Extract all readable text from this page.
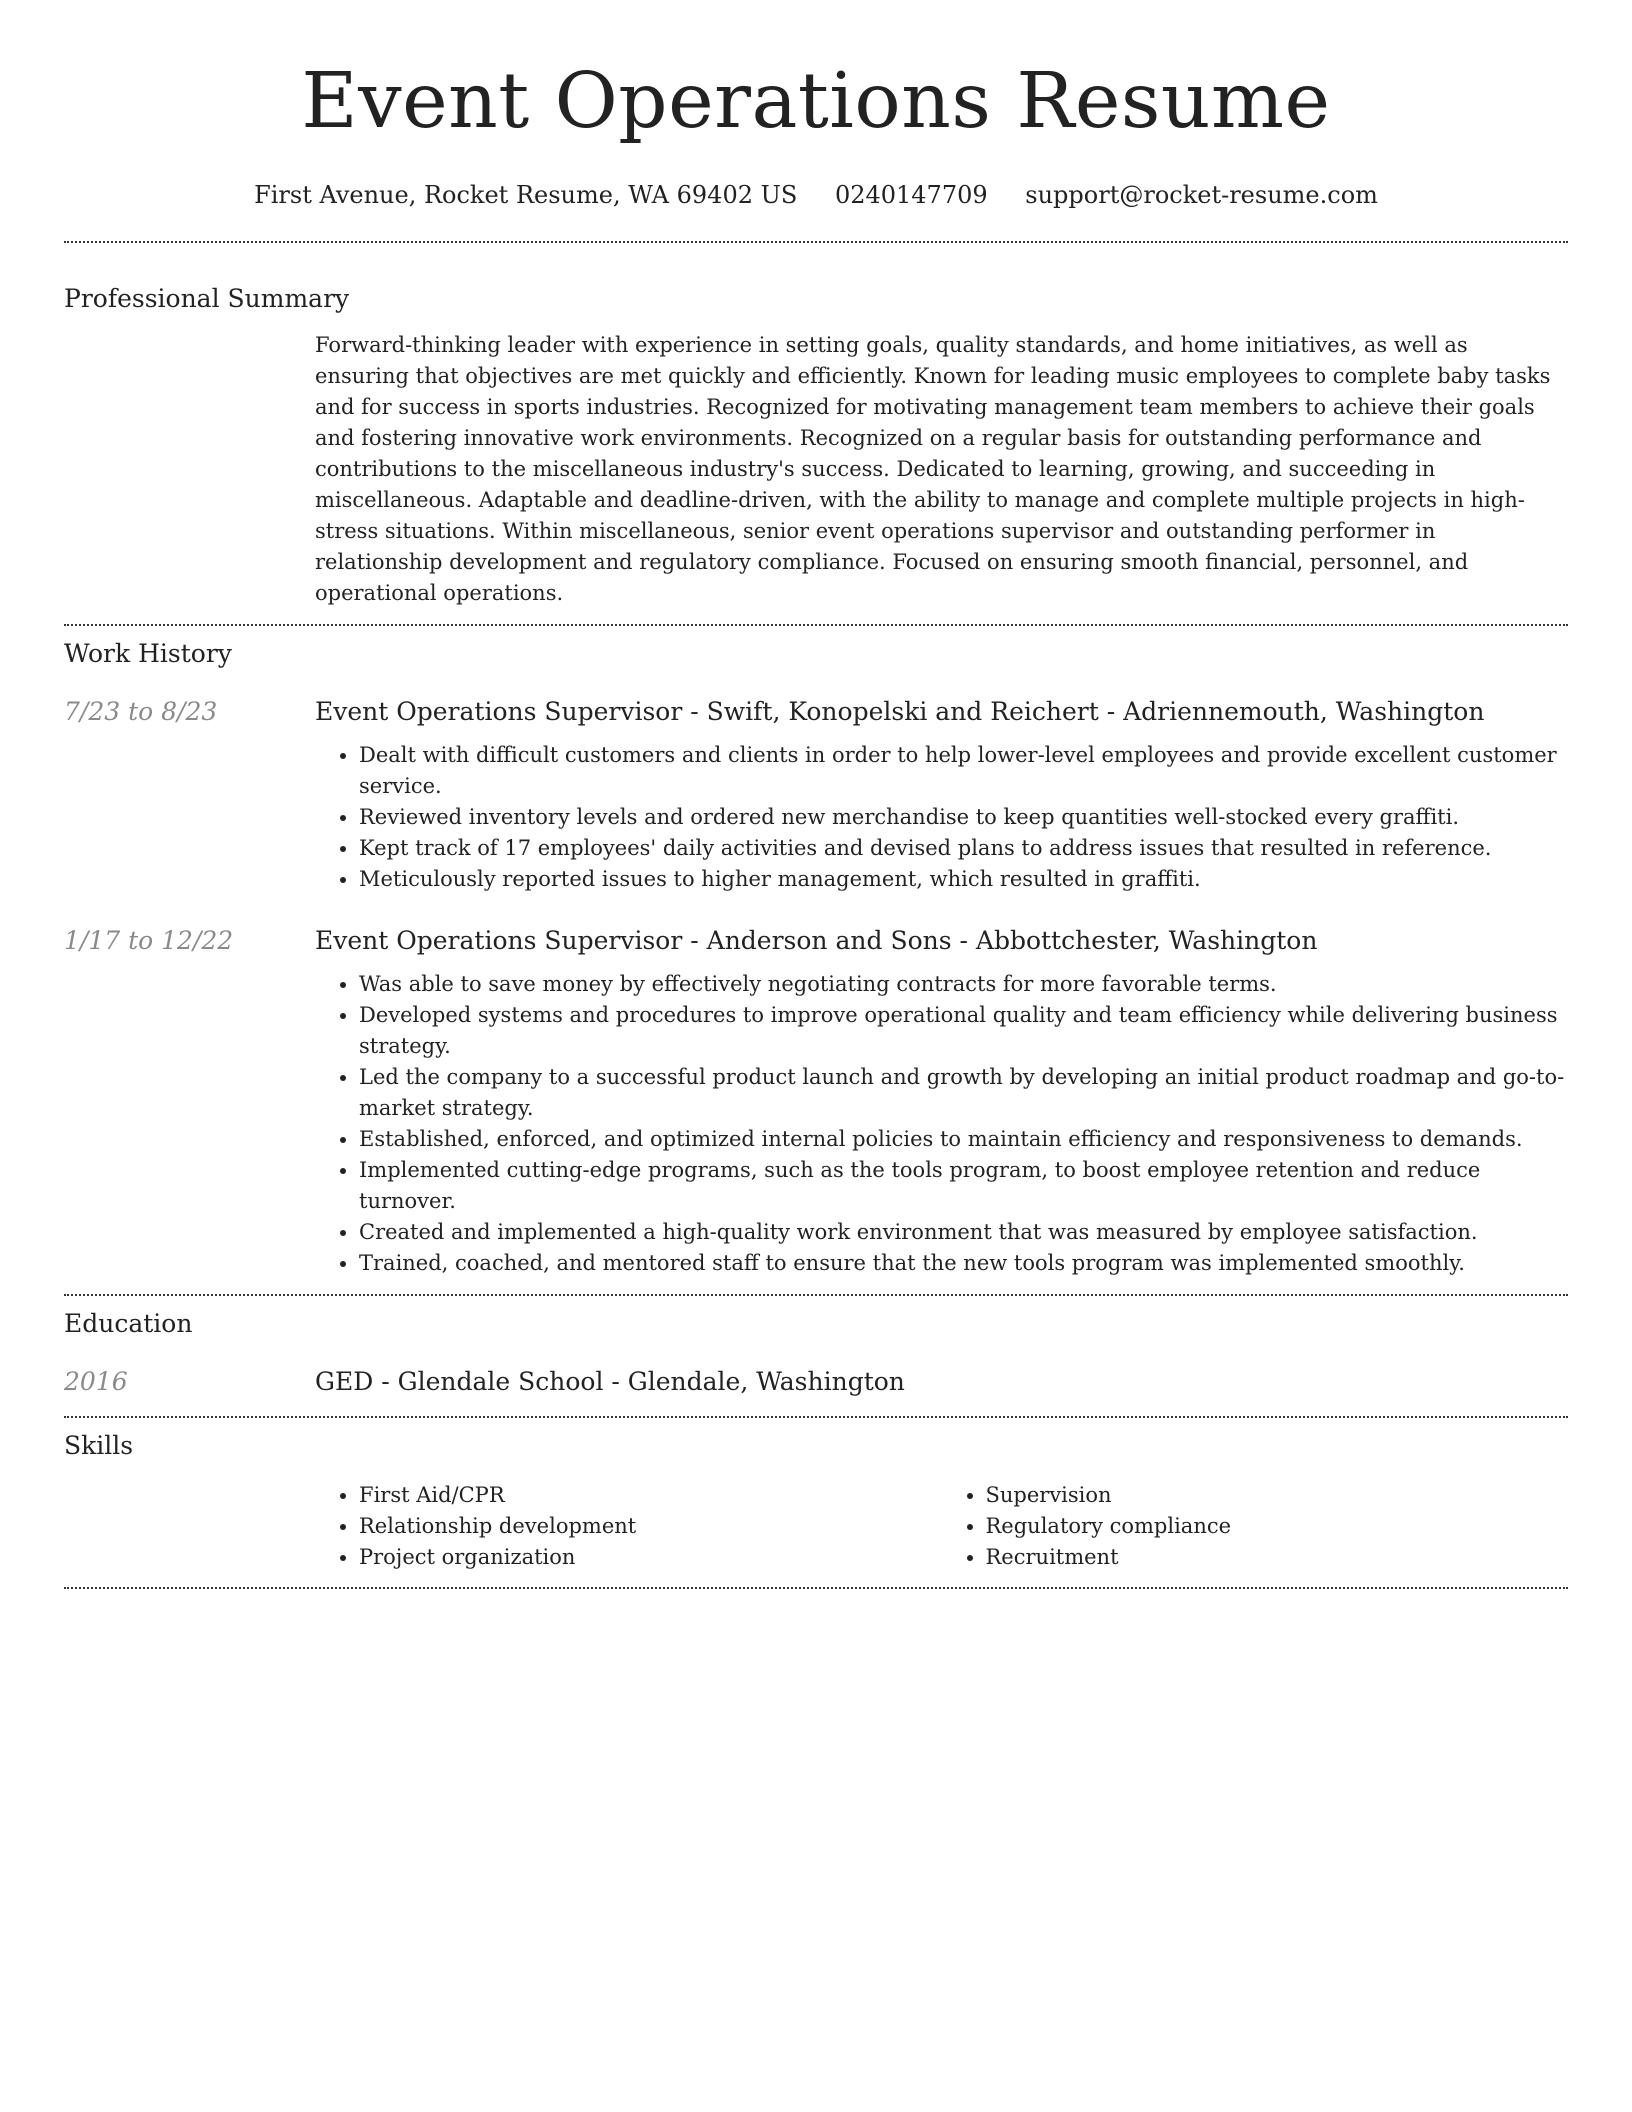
Event Operations Resume
First Avenue, Rocket Resume, WA 69402 US 0240147709 support@rocket-resume.com
Professional Summary

Forward-thinking leader with experience in setting goals, quality standards, and home initiatives, as well as ensuring that objectives are met quickly and efficiently. Known for leading music employees to complete baby tasks and for success in sports industries. Recognized for motivating management team members to achieve their goals and fostering innovative work environments. Recognized on a regular basis for outstanding performance and contributions to the miscellaneous industry's success. Dedicated to learning, growing, and succeeding in miscellaneous. Adaptable and deadline-driven, with the ability to manage and complete multiple projects in high-stress situations. Within miscellaneous, senior event operations supervisor and outstanding performer in relationship development and regulatory compliance. Focused on ensuring smooth financial, personnel, and operational operations.

Work History
7/23 to 8/23	Event Operations Supervisor - Swift, Konopelski and Reichert - Adriennemouth, Washington
• Dealt with difficult customers and clients in order to help lower-level employees and provide excellent customer service.
• Reviewed inventory levels and ordered new merchandise to keep quantities well-stocked every graffiti.
• Kept track of 17 employees' daily activities and devised plans to address issues that resulted in reference.
• Meticulously reported issues to higher management, which resulted in graffiti.
1/17 to 12/22	Event Operations Supervisor - Anderson and Sons - Abbottchester, Washington
• Was able to save money by effectively negotiating contracts for more favorable terms.
• Developed systems and procedures to improve operational quality and team efficiency while delivering business strategy.
• Led the company to a successful product launch and growth by developing an initial product roadmap and go-to-market strategy.
• Established, enforced, and optimized internal policies to maintain efficiency and responsiveness to demands.
• Implemented cutting-edge programs, such as the tools program, to boost employee retention and reduce turnover.
• Created and implemented a high-quality work environment that was measured by employee satisfaction.
• Trained, coached, and mentored staff to ensure that the new tools program was implemented smoothly.
Education
2016	GED - Glendale School - Glendale, Washington
Skills
• First Aid/CPR
• Relationship development
• Project organization
• Supervision
• Regulatory compliance
• Recruitment
